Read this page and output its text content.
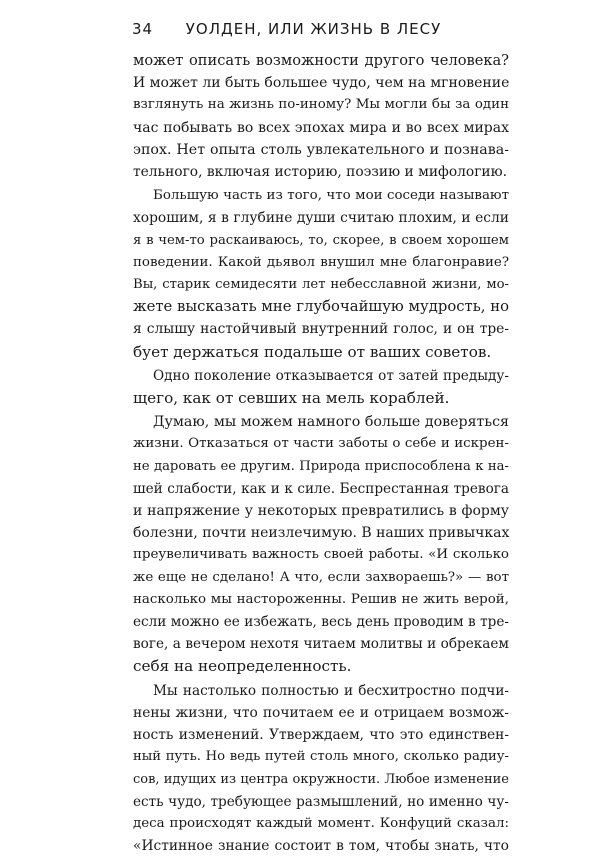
34 УОЛДЕН, ИЛИ ЖИЗНЬ В ЛЕСУ
может описать возможности другого человека?
И может ли быть большее чудо, чем на мгновение
взглянуть на жизнь по-иному? Мы могли бы за один
час побывать во всех эпохах мира и во всех мирах
эпох. Нет опыта столь увлекательного и познава-
тельного, включая историю, поэзию и мифологию.
Большую часть из того, что мои соседи называют
хорошим, я в глубине души считаю плохим, и если
я в чем-то раскаиваюсь, то, скорее, в своем хорошем
поведении. Какой дьявол внушил мне благонравие?
Вы, старик семидесяти лет небесславной жизни, мо-
жете высказать мне глубочайшую мудрость, но
я слышу настойчивый внутренний голос, и он тре-
бует держаться подальше от ваших советов.
Одно поколение отказывается от затей предыду-
щего, как от севших на мель кораблей.
Думаю, мы можем намного больше доверяться
жизни. Отказаться от части заботы о себе и искрен-
не даровать ее другим. Природа приспособлена к на-
шей слабости, как и к силе. Беспрестанная тревога
и напряжение у некоторых превратились в форму
болезни, почти неизлечимую. В наших привычках
преувеличивать важность своей работы. «И сколько
же еще не сделано! А что, если захвораешь?» — вот
насколько мы настороженны. Решив не жить верой,
если можно ее избежать, весь день проводим в тре-
воге, а вечером нехотя читаем молитвы и обрекаем
себя на неопределенность.
Мы настолько полностью и бесхитростно подчи-
нены жизни, что почитаем ее и отрицаем возмож-
ность изменений. Утверждаем, что это единствен-
ный путь. Но ведь путей столь много, сколько радиу-
сов, идущих из центра окружности. Любое изменение
есть чудо, требующее размышлений, но именно чу-
деса происходят каждый момент. Конфуций сказал:
«Истинное знание состоит в том, чтобы знать, что
